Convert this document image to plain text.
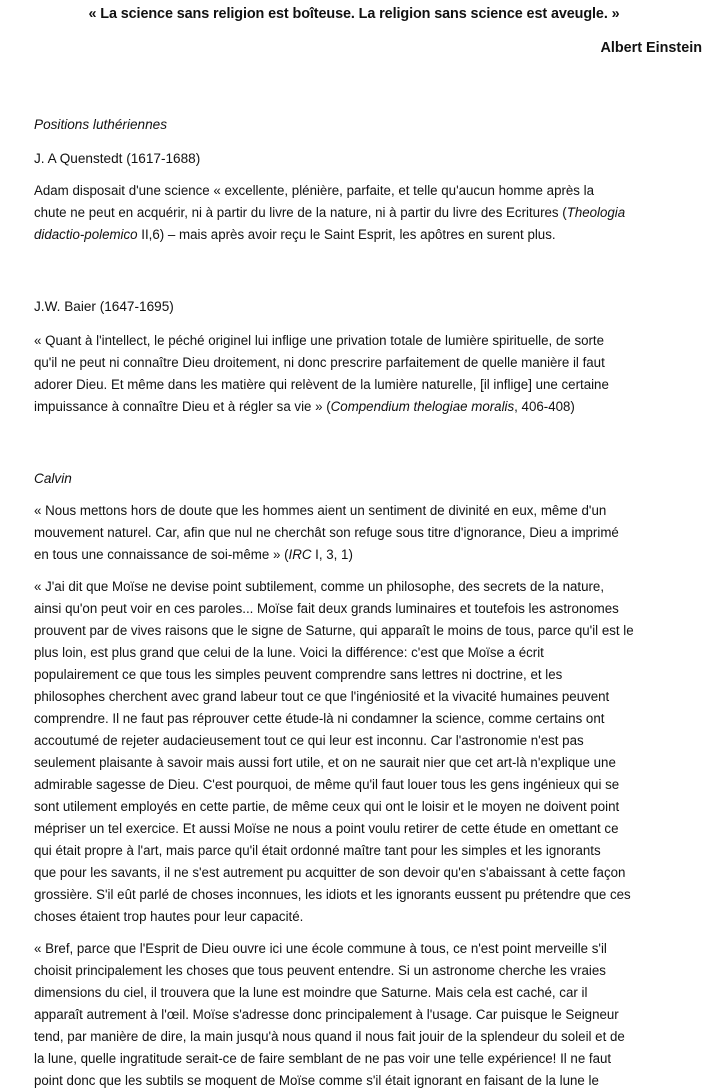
« La science sans religion est boîteuse. La religion sans science est aveugle. »
Albert Einstein
Positions luthériennes
J. A Quenstedt (1617-1688)
Adam disposait d'une science « excellente, plénière, parfaite, et telle qu'aucun homme après la
chute ne peut en acquérir, ni à partir du livre de la nature, ni à partir du livre des Ecritures (Theologia
didactio-polemico II,6) – mais après avoir reçu le Saint Esprit, les apôtres en surent plus.
J.W. Baier (1647-1695)
« Quant à l'intellect, le péché originel lui inflige une privation totale de lumière spirituelle, de sorte
qu'il ne peut ni connaître Dieu droitement, ni donc prescrire parfaitement de quelle manière il faut
adorer Dieu. Et même dans les matière qui relèvent de la lumière naturelle, [il inflige] une certaine
impuissance à connaître Dieu et à régler sa vie » (Compendium thelogiae moralis, 406-408)
Calvin
« Nous mettons hors de doute que les hommes aient un sentiment de divinité en eux, même d'un
mouvement naturel. Car, afin que nul ne cherchât son refuge sous titre d'ignorance, Dieu a imprimé
en tous une connaissance de soi-même » (IRC I, 3, 1)
« J'ai dit que Moïse ne devise point subtilement, comme un philosophe, des secrets de la nature,
ainsi qu'on peut voir en ces paroles... Moïse fait deux grands luminaires et toutefois les astronomes
prouvent par de vives raisons que le signe de Saturne, qui apparaît le moins de tous, parce qu'il est le
plus loin, est plus grand que celui de la lune. Voici la différence: c'est que Moïse a écrit
populairement ce que tous les simples peuvent comprendre sans lettres ni doctrine, et les
philosophes cherchent avec grand labeur tout ce que l'ingéniosité et la vivacité humaines peuvent
comprendre. Il ne faut pas réprouver cette étude-là ni condamner la science, comme certains ont
accoutumé de rejeter audacieusement tout ce qui leur est inconnu. Car l'astronomie n'est pas
seulement plaisante à savoir mais aussi fort utile, et on ne saurait nier que cet art-là n'explique une
admirable sagesse de Dieu. C'est pourquoi, de même qu'il faut louer tous les gens ingénieux qui se
sont utilement employés en cette partie, de même ceux qui ont le loisir et le moyen ne doivent point
mépriser un tel exercice. Et aussi Moïse ne nous a point voulu retirer de cette étude en omettant ce
qui était propre à l'art, mais parce qu'il était ordonné maître tant pour les simples et les ignorants
que pour les savants, il ne s'est autrement pu acquitter de son devoir qu'en s'abaissant à cette façon
grossière. S'il eût parlé de choses inconnues, les idiots et les ignorants eussent pu prétendre que ces
choses étaient trop hautes pour leur capacité.
« Bref, parce que l'Esprit de Dieu ouvre ici une école commune à tous, ce n'est point merveille s'il
choisit principalement les choses que tous peuvent entendre. Si un astronome cherche les vraies
dimensions du ciel, il trouvera que la lune est moindre que Saturne. Mais cela est caché, car il
apparaît autrement à l'œil. Moïse s'adresse donc principalement à l'usage. Car puisque le Seigneur
tend, par manière de dire, la main jusqu'à nous quand il nous fait jouir de la splendeur du soleil et de
la lune, quelle ingratitude serait-ce de faire semblant de ne pas voir une telle expérience! Il ne faut
point donc que les subtils se moquent de Moïse comme s'il était ignorant en faisant de la lune le
